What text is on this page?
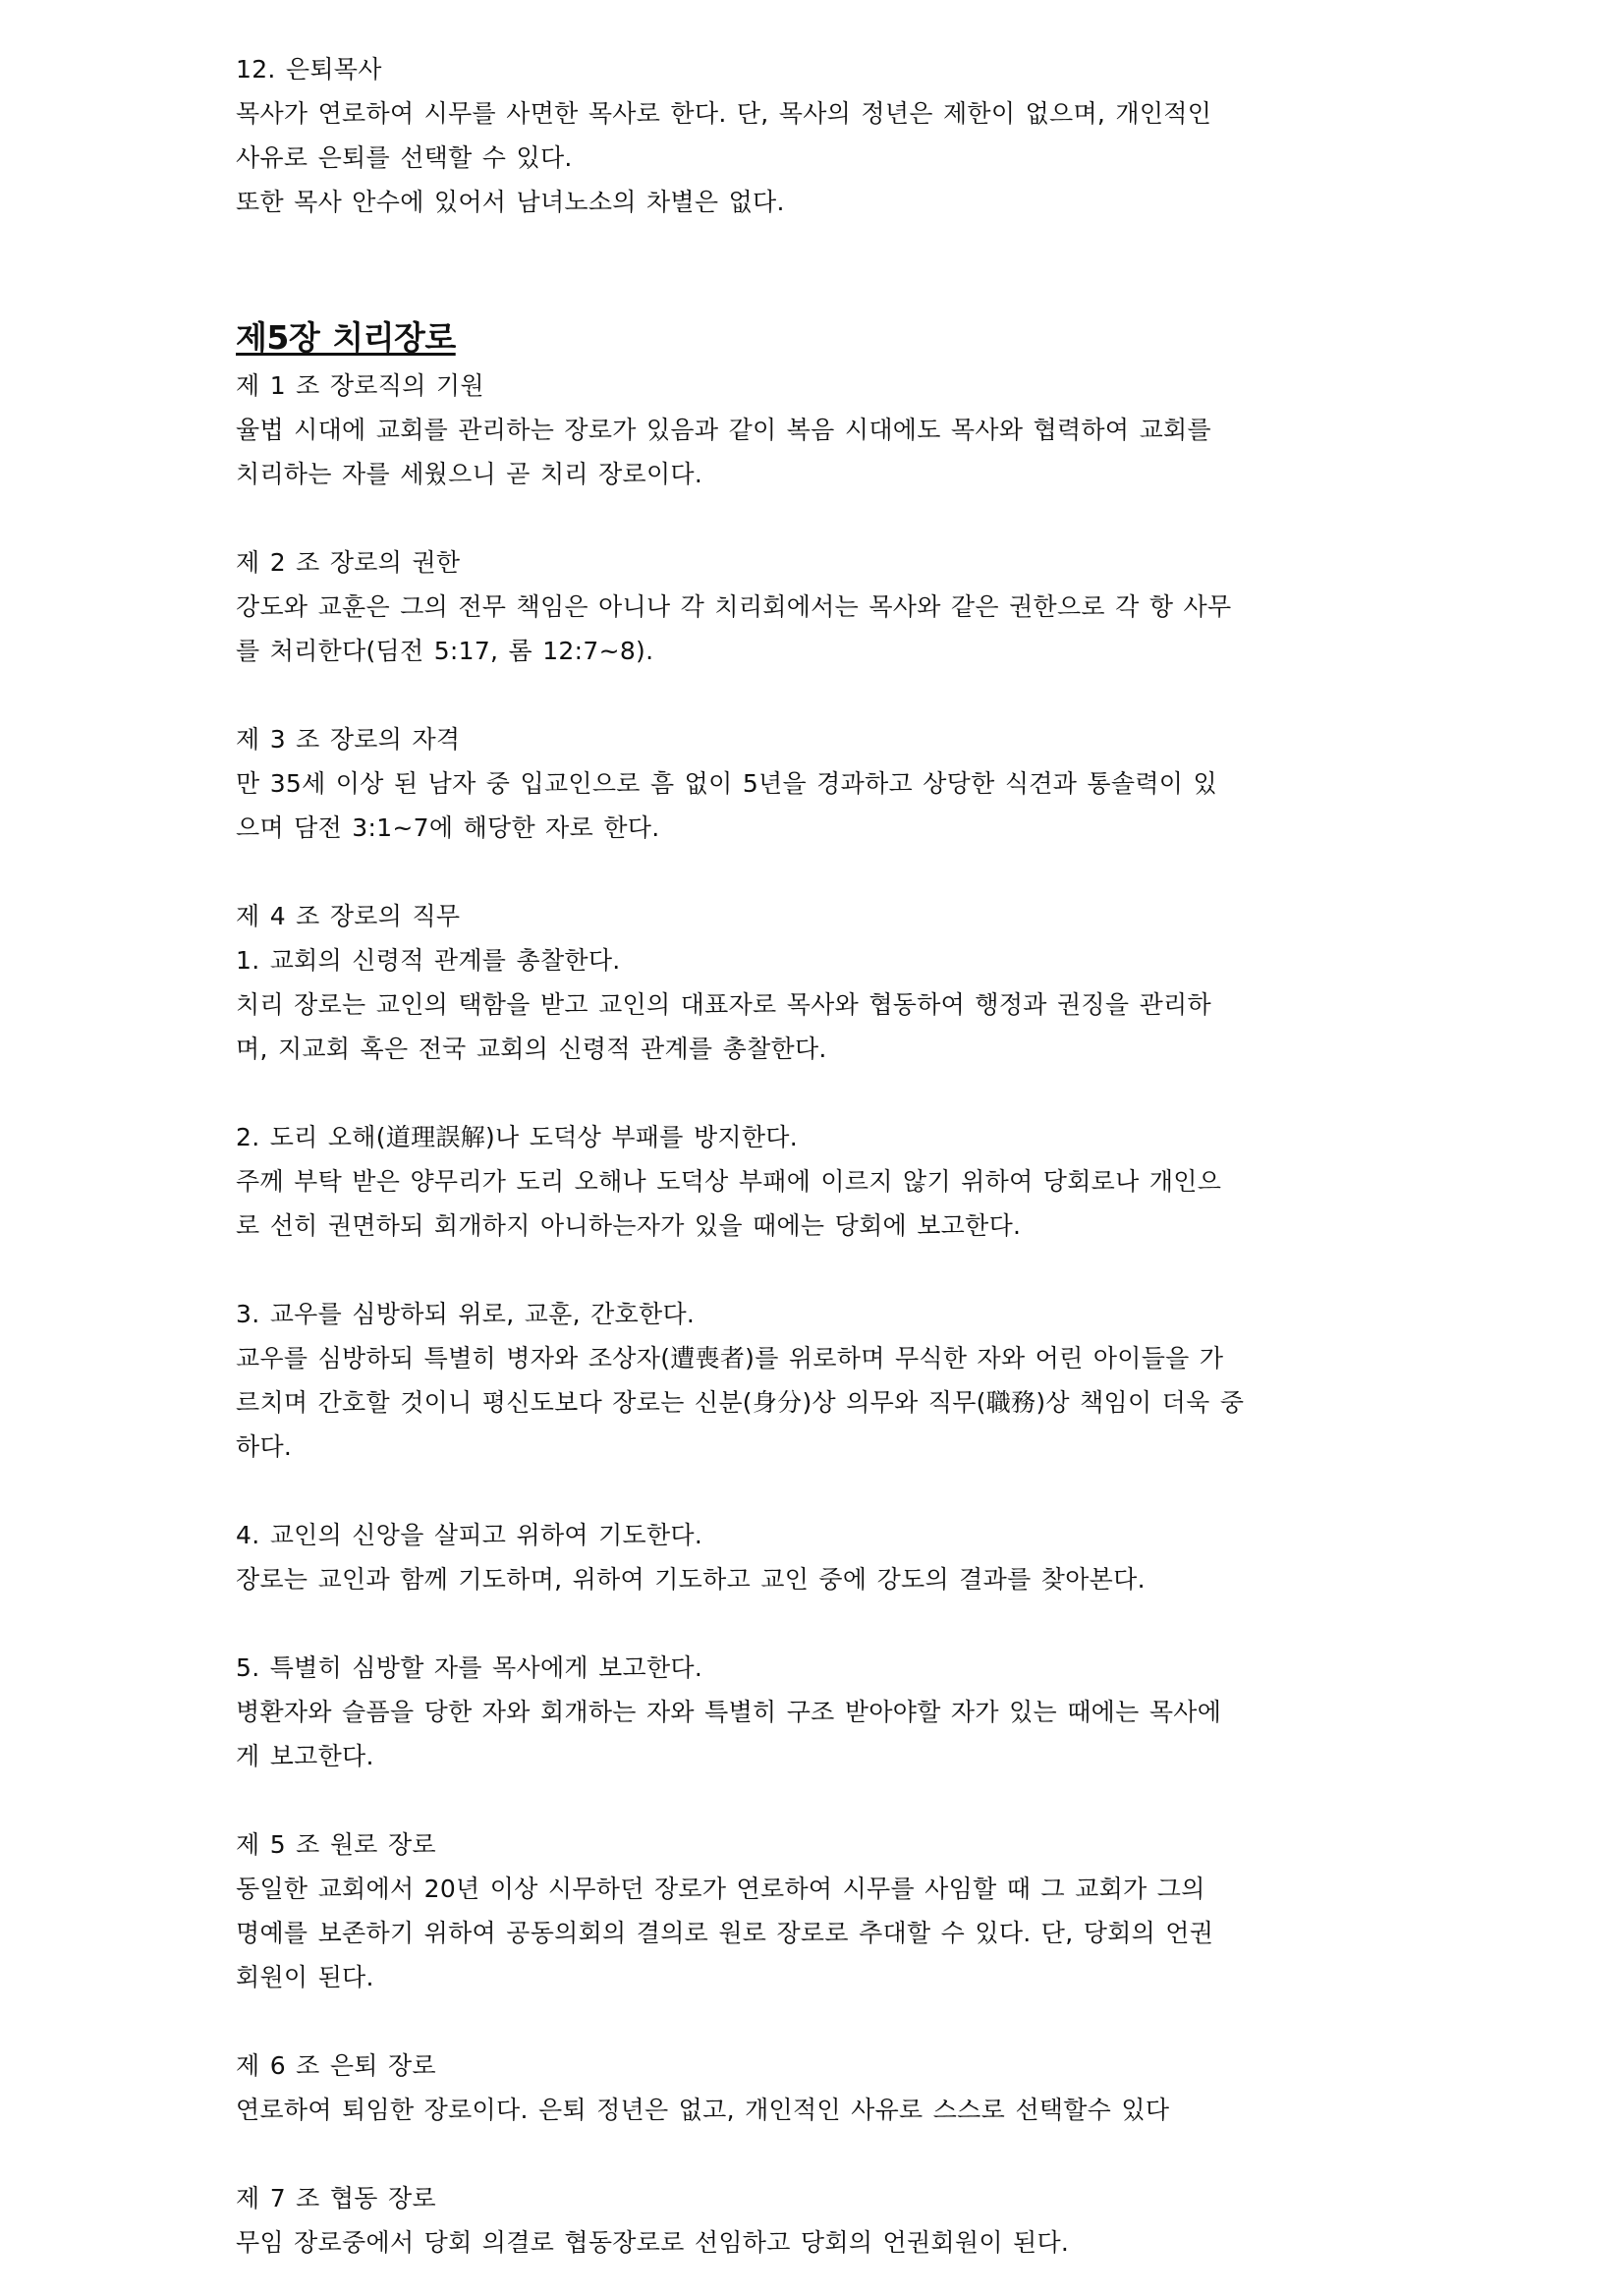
12. 은퇴목사

목사가 연로하여 시무를 사면한 목사로 한다. 단, 목사의 정년은 제한이 없으며, 개인적인

사유로 은퇴를 선택할 수 있다.

또한 목사 안수에 있어서 남녀노소의 차별은 없다.

제5장 치리장로

제 1 조 장로직의 기원

율법 시대에 교회를 관리하는 장로가 있음과 같이 복음 시대에도 목사와 협력하여 교회를

치리하는 자를 세웠으니 곧 치리 장로이다.

제 2 조 장로의 권한

강도와 교훈은 그의 전무 책임은 아니나 각 치리회에서는 목사와 같은 권한으로 각 항 사무

를 처리한다(딤전 5:17, 롬 12:7~8).

제 3 조 장로의 자격

만 35세 이상 된 남자 중 입교인으로 흠 없이 5년을 경과하고 상당한 식견과 통솔력이 있

으며 담전 3:1~7에 해당한 자로 한다.

제 4 조 장로의 직무

1. 교회의 신령적 관계를 총찰한다.

치리 장로는 교인의 택함을 받고 교인의 대표자로 목사와 협동하여 행정과 권징을 관리하

며, 지교회 혹은 전국 교회의 신령적 관계를 총찰한다.

2. 도리 오해(道理誤解)나 도덕상 부패를 방지한다.

주께 부탁 받은 양무리가 도리 오해나 도덕상 부패에 이르지 않기 위하여 당회로나 개인으

로 선히 권면하되 회개하지 아니하는자가 있을 때에는 당회에 보고한다.

3. 교우를 심방하되 위로, 교훈, 간호한다.

교우를 심방하되 특별히 병자와 조상자(遭喪者)를 위로하며 무식한 자와 어린 아이들을 가

르치며 간호할 것이니 평신도보다 장로는 신분(身分)상 의무와 직무(職務)상 책임이 더욱 중

하다.

4. 교인의 신앙을 살피고 위하여 기도한다.

장로는 교인과 함께 기도하며, 위하여 기도하고 교인 중에 강도의 결과를 찾아본다.

5. 특별히 심방할 자를 목사에게 보고한다.

병환자와 슬픔을 당한 자와 회개하는 자와 특별히 구조 받아야할 자가 있는 때에는 목사에

게 보고한다.

제 5 조 원로 장로

동일한 교회에서 20년 이상 시무하던 장로가 연로하여 시무를 사임할 때 그 교회가 그의

명예를 보존하기 위하여 공동의회의 결의로 원로 장로로 추대할 수 있다. 단, 당회의 언권

회원이 된다.

제 6 조 은퇴 장로

연로하여 퇴임한 장로이다. 은퇴 정년은 없고, 개인적인 사유로 스스로 선택할수 있다

제 7 조 협동 장로

무임 장로중에서 당회 의결로 협동장로로 선임하고 당회의 언권회원이 된다.
